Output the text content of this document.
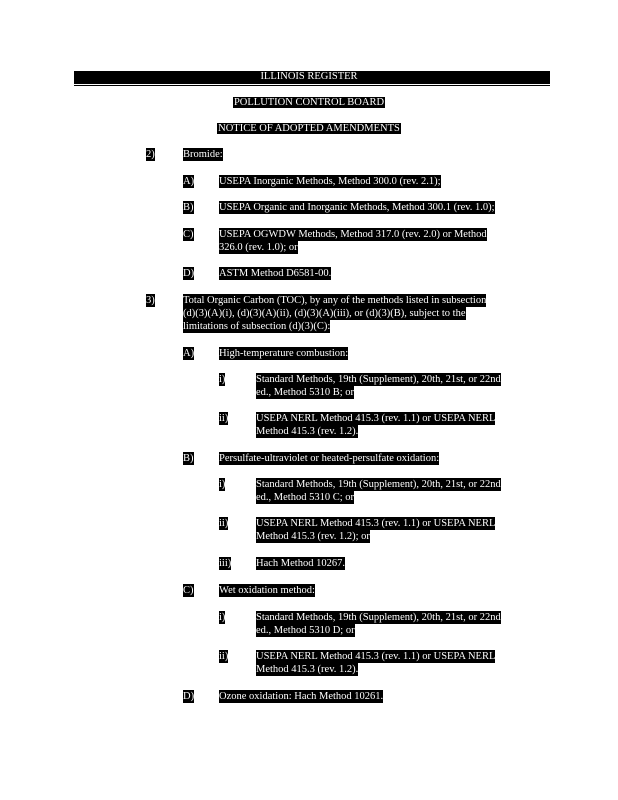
ILLINOIS REGISTER
POLLUTION CONTROL BOARD
NOTICE OF ADOPTED AMENDMENTS
2)	Bromide:
A) USEPA Inorganic Methods, Method 300.0 (rev. 2.1);
B) USEPA Organic and Inorganic Methods, Method 300.1 (rev. 1.0);
C) USEPA OGWDW Methods, Method 317.0 (rev. 2.0) or Method
326.0 (rev. 1.0); or
D) ASTM Method D6581-00.
3)	Total Organic Carbon (TOC), by any of the methods listed in subsection
(d)(3)(A)(i), (d)(3)(A)(ii), (d)(3)(A)(iii), or (d)(3)(B), subject to the
limitations of subsection (d)(3)(C):
A) High-temperature combustion:
i)	Standard Methods, 19th (Supplement), 20th, 21st, or 22nd
ed., Method 5310 B; or
ii)	USEPA NERL Method 415.3 (rev. 1.1) or USEPA NERL
Method 415.3 (rev. 1.2).
B) Persulfate-ultraviolet or heated-persulfate oxidation:
i)	Standard Methods, 19th (Supplement), 20th, 21st, or 22nd
ed., Method 5310 C; or
ii)	USEPA NERL Method 415.3 (rev. 1.1) or USEPA NERL
Method 415.3 (rev. 1.2); or
iii) Hach Method 10267.
C) Wet oxidation method:
i)	Standard Methods, 19th (Supplement), 20th, 21st, or 22nd
ed., Method 5310 D; or
ii)	USEPA NERL Method 415.3 (rev. 1.1) or USEPA NERL
Method 415.3 (rev. 1.2).
D) Ozone oxidation: Hach Method 10261.
